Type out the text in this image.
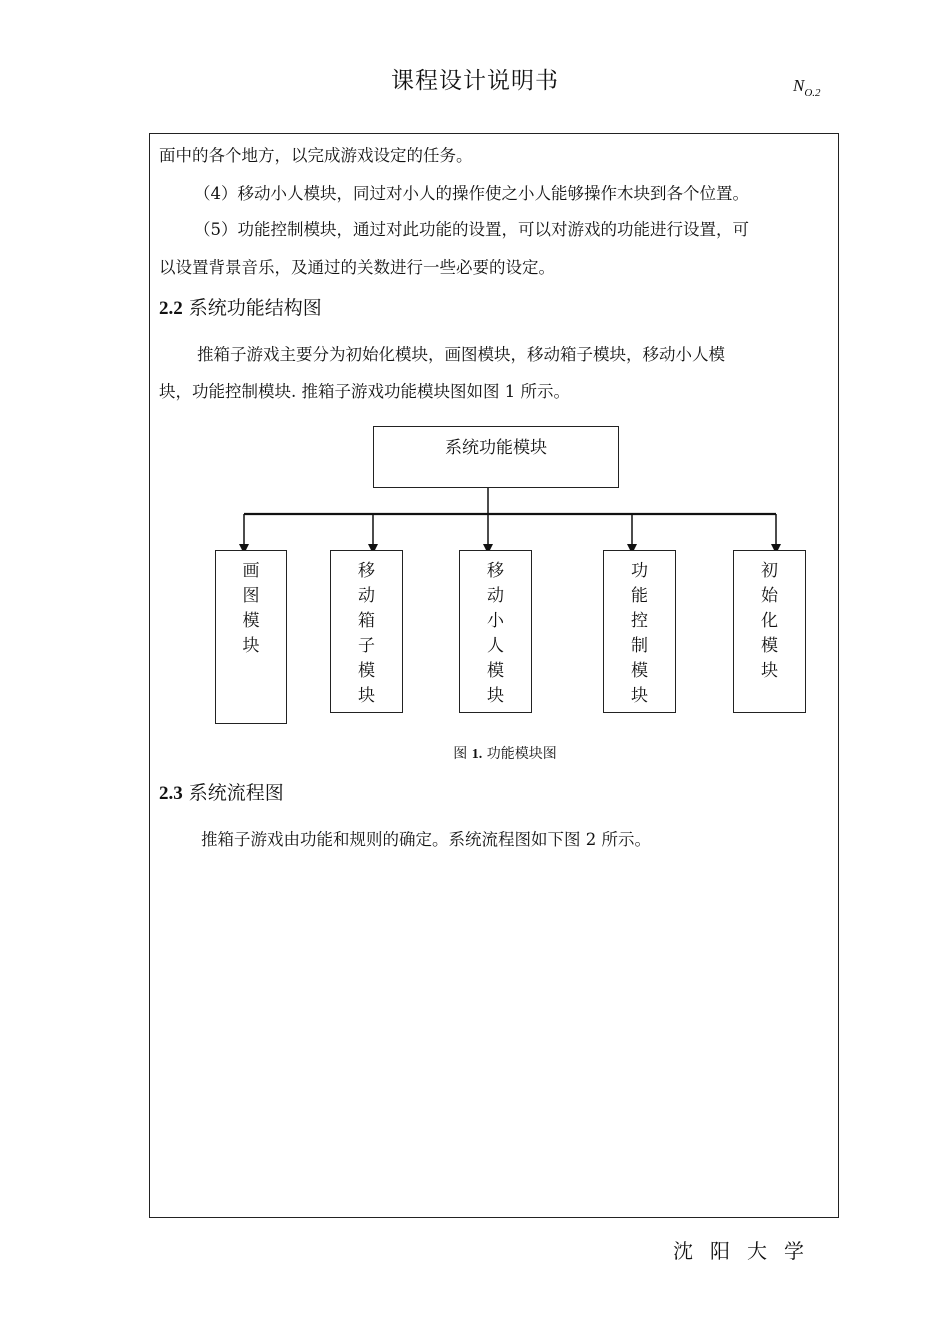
课程设计说明书	$N_{O.2}$
面中的各个地方，以完成游戏设定的任务。
（4）移动小人模块，同过对小人的操作使之小人能够操作木块到各个位置。
（5）功能控制模块，通过对此功能的设置，可以对游戏的功能进行设置，可
以设置背景音乐，及通过的关数进行一些必要的设定。
2.2 系统功能结构图
推箱子游戏主要分为初始化模块，画图模块，移动箱子模块，移动小人模
块，功能控制模块. 推箱子游戏功能模块图如图 1 所示。
系统功能模块
画
图
模
块
移
动
箱
子
模
块
移
动
小
人
模
块
功
能
控
制
模
块
初
始
化
模
块
图 1. 功能模块图
2.3 系统流程图
推箱子游戏由功能和规则的确定。系统流程图如下图 2 所示。
沈阳大学
